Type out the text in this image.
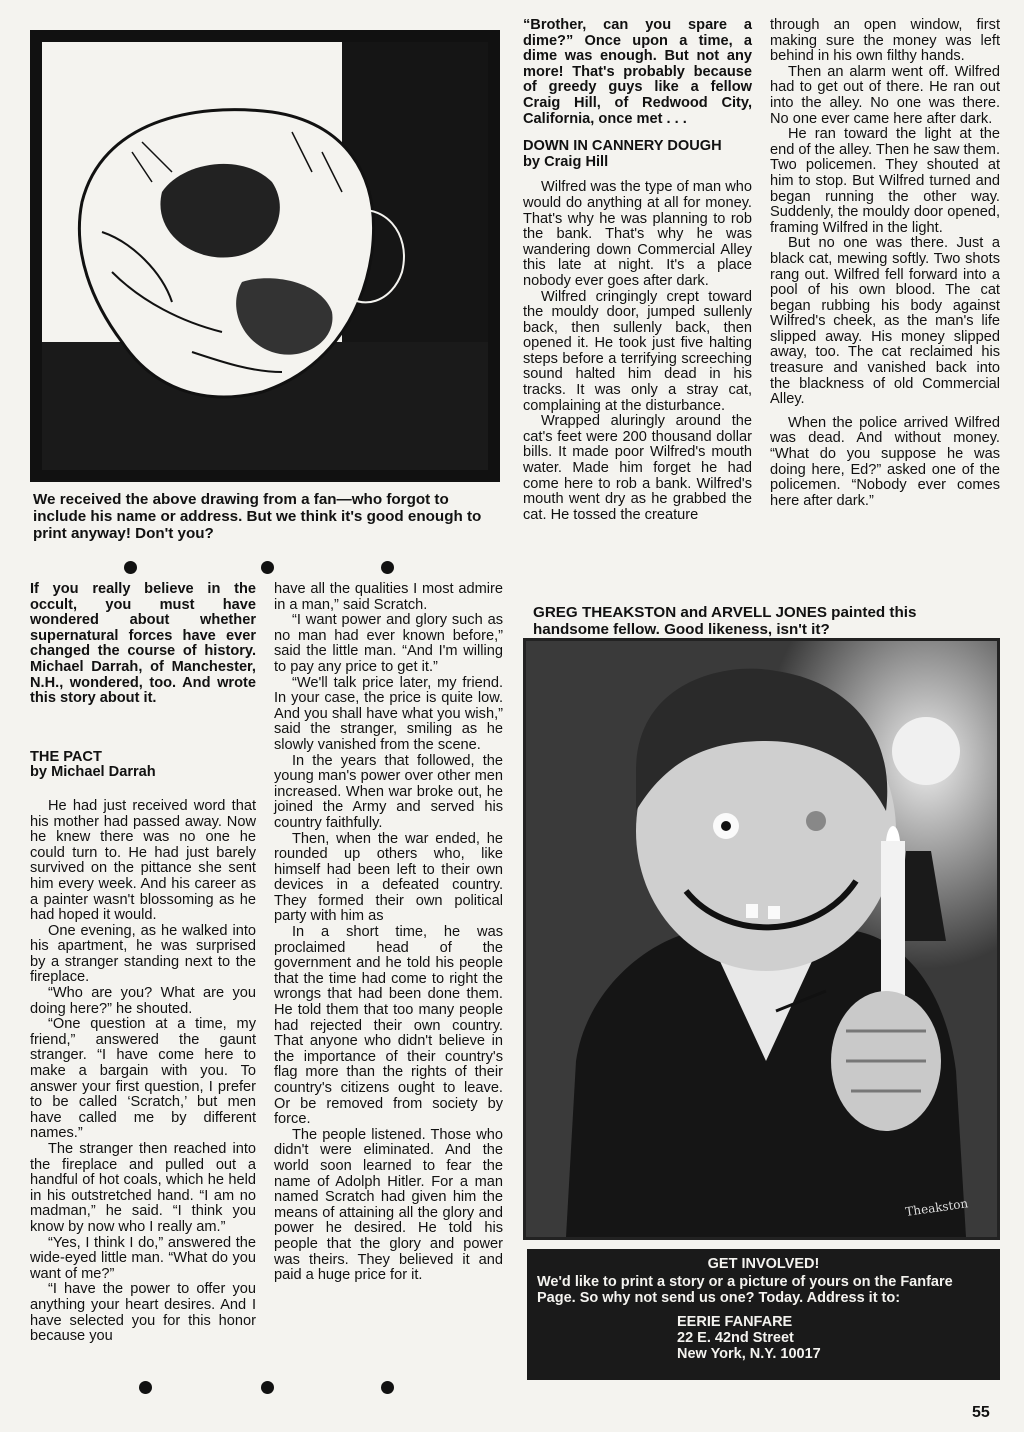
We received the above drawing from a fan—who forgot to include his name or address. But we think it's good enough to print anyway! Don't you?

If you really believe in the occult, you must have wondered about whether supernatural forces have ever changed the course of history. Michael Darrah, of Manchester, N.H., wondered, too. And wrote this story about it.

THE PACT

by Michael Darrah

He had just received word that his mother had passed away. Now he knew there was no one he could turn to. He had just barely survived on the pittance she sent him every week. And his career as a painter wasn't blossoming as he had hoped it would.

One evening, as he walked into his apartment, he was surprised by a stranger standing next to the fireplace.

“Who are you? What are you doing here?” he shouted.

“One question at a time, my friend,” answered the gaunt stranger. “I have come here to make a bargain with you. To answer your first question, I prefer to be called ‘Scratch,’ but men have called me by different names.”

The stranger then reached into the fireplace and pulled out a handful of hot coals, which he held in his outstretched hand. “I am no madman,” he said. “I think you know by now who I really am.”

“Yes, I think I do,” answered the wide-eyed little man. “What do you want of me?”

“I have the power to offer you anything your heart desires. And I have selected you for this honor because you

have all the qualities I most admire in a man,” said Scratch.

“I want power and glory such as no man had ever known before,” said the little man. “And I'm willing to pay any price to get it.”

“We'll talk price later, my friend. In your case, the price is quite low. And you shall have what you wish,” said the stranger, smiling as he slowly vanished from the scene.

In the years that followed, the young man's power over other men increased. When war broke out, he joined the Army and served his country faithfully.

Then, when the war ended, he rounded up others who, like himself had been left to their own devices in a defeated country. They formed their own political party with him as

In a short time, he was proclaimed head of the government and he told his people that the time had come to right the wrongs that had been done them. He told them that too many people had rejected their own country. That anyone who didn't believe in the importance of their country's flag more than the rights of their country's citizens ought to leave. Or be removed from society by force.

The people listened. Those who didn't were eliminated. And the world soon learned to fear the name of Adolph Hitler. For a man named Scratch had given him the means of attaining all the glory and power he desired. He told his people that the glory and power was theirs. They believed it and paid a huge price for it.

“Brother, can you spare a dime?” Once upon a time, a dime was enough. But not any more! That's probably because of greedy guys like a fellow Craig Hill, of Redwood City, California, once met . . .

DOWN IN CANNERY DOUGH

by Craig Hill

Wilfred was the type of man who would do anything at all for money. That's why he was planning to rob the bank. That's why he was wandering down Commercial Alley this late at night. It's a place nobody ever goes after dark.

Wilfred cringingly crept toward the mouldy door, jumped sullenly back, then sullenly back, then opened it. He took just five halting steps before a terrifying screeching sound halted him dead in his tracks. It was only a stray cat, complaining at the disturbance.

Wrapped aluringly around the cat's feet were 200 thousand dollar bills. It made poor Wilfred's mouth water. Made him forget he had come here to rob a bank. Wilfred's mouth went dry as he grabbed the cat. He tossed the creature

through an open window, first making sure the money was left behind in his own filthy hands.

Then an alarm went off. Wilfred had to get out of there. He ran out into the alley. No one was there. No one ever came here after dark.

He ran toward the light at the end of the alley. Then he saw them. Two policemen. They shouted at him to stop. But Wilfred turned and began running the other way. Suddenly, the mouldy door opened, framing Wilfred in the light.

But no one was there. Just a black cat, mewing softly. Two shots rang out. Wilfred fell forward into a pool of his own blood. The cat began rubbing his body against Wilfred's cheek, as the man's life slipped away. His money slipped away, too. The cat reclaimed his treasure and vanished back into the blackness of old Commercial Alley.

When the police arrived Wilfred was dead. And without money. “What do you suppose he was doing here, Ed?” asked one of the policemen. “Nobody ever comes here after dark.”

GREG THEAKSTON and ARVELL JONES painted this handsome fellow. Good likeness, isn't it?
Theakston
GET INVOLVED!
We'd like to print a story or a picture of yours on the Fanfare Page. So why not send us one? Today. Address it to:
EERIE FANFARE
22 E. 42nd Street
New York, N.Y. 10017
55
